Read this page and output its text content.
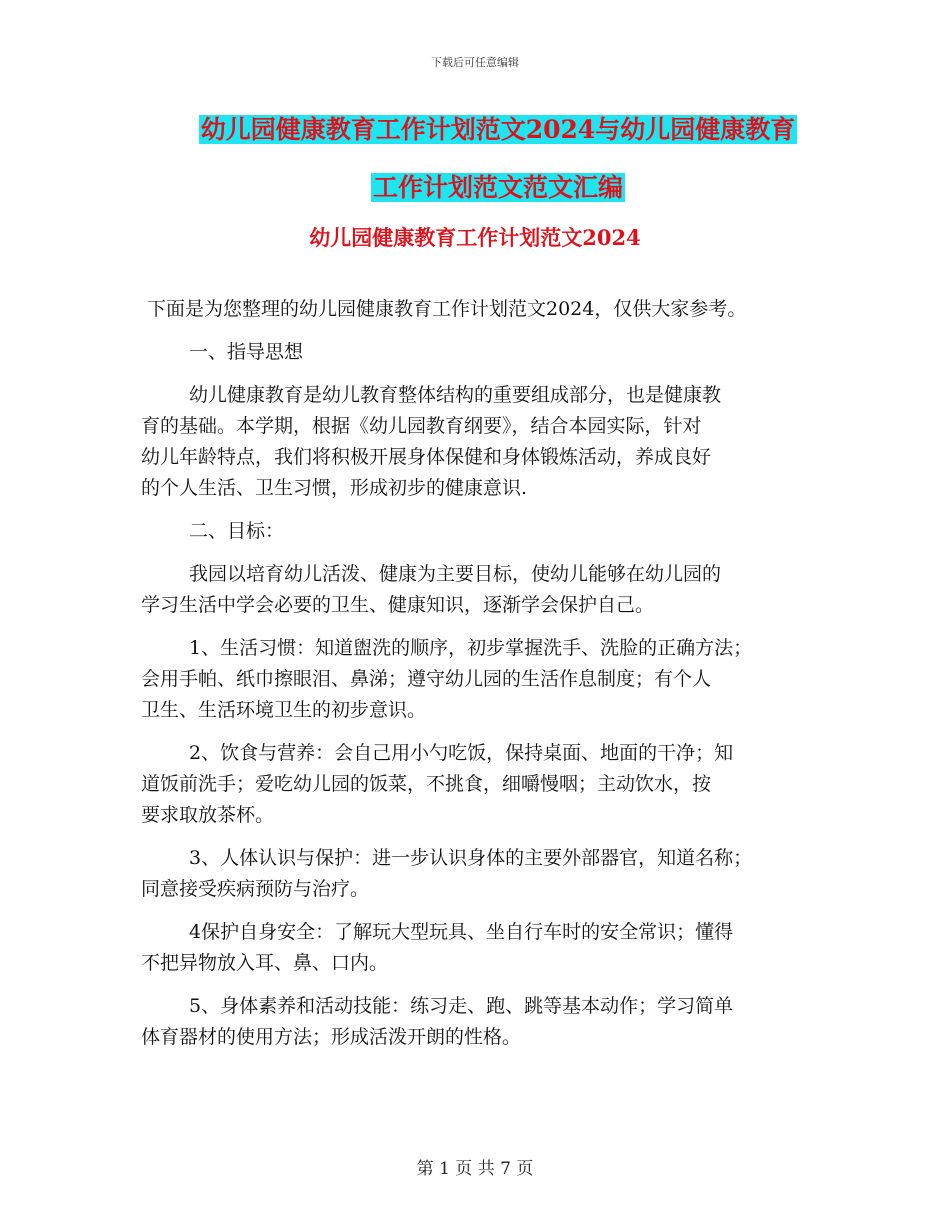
下载后可任意编辑
幼儿园健康教育工作计划范文2024与幼儿园健康教育
工作计划范文范文汇编
幼儿园健康教育工作计划范文2024

下面是为您整理的幼儿园健康教育工作计划范文2024，仅供大家参考。

一、指导思想

幼儿健康教育是幼儿教育整体结构的重要组成部分，也是健康教

育的基础。本学期，根据《幼儿园教育纲要》，结合本园实际，针对

幼儿年龄特点，我们将积极开展身体保健和身体锻炼活动，养成良好

的个人生活、卫生习惯，形成初步的健康意识.

二、目标：

我园以培育幼儿活泼、健康为主要目标，使幼儿能够在幼儿园的

学习生活中学会必要的卫生、健康知识，逐渐学会保护自己。

1、生活习惯：知道盥洗的顺序，初步掌握洗手、洗脸的正确方法；

会用手帕、纸巾擦眼泪、鼻涕；遵守幼儿园的生活作息制度；有个人

卫生、生活环境卫生的初步意识。

2、饮食与营养：会自己用小勺吃饭，保持桌面、地面的干净；知

道饭前洗手；爱吃幼儿园的饭菜，不挑食，细嚼慢咽；主动饮水，按

要求取放茶杯。

3、人体认识与保护：进一步认识身体的主要外部器官，知道名称；

同意接受疾病预防与治疗。

4保护自身安全：了解玩大型玩具、坐自行车时的安全常识；懂得

不把异物放入耳、鼻、口内。

5、身体素养和活动技能：练习走、跑、跳等基本动作；学习简单

体育器材的使用方法；形成活泼开朗的性格。

第 1 页 共 7 页
